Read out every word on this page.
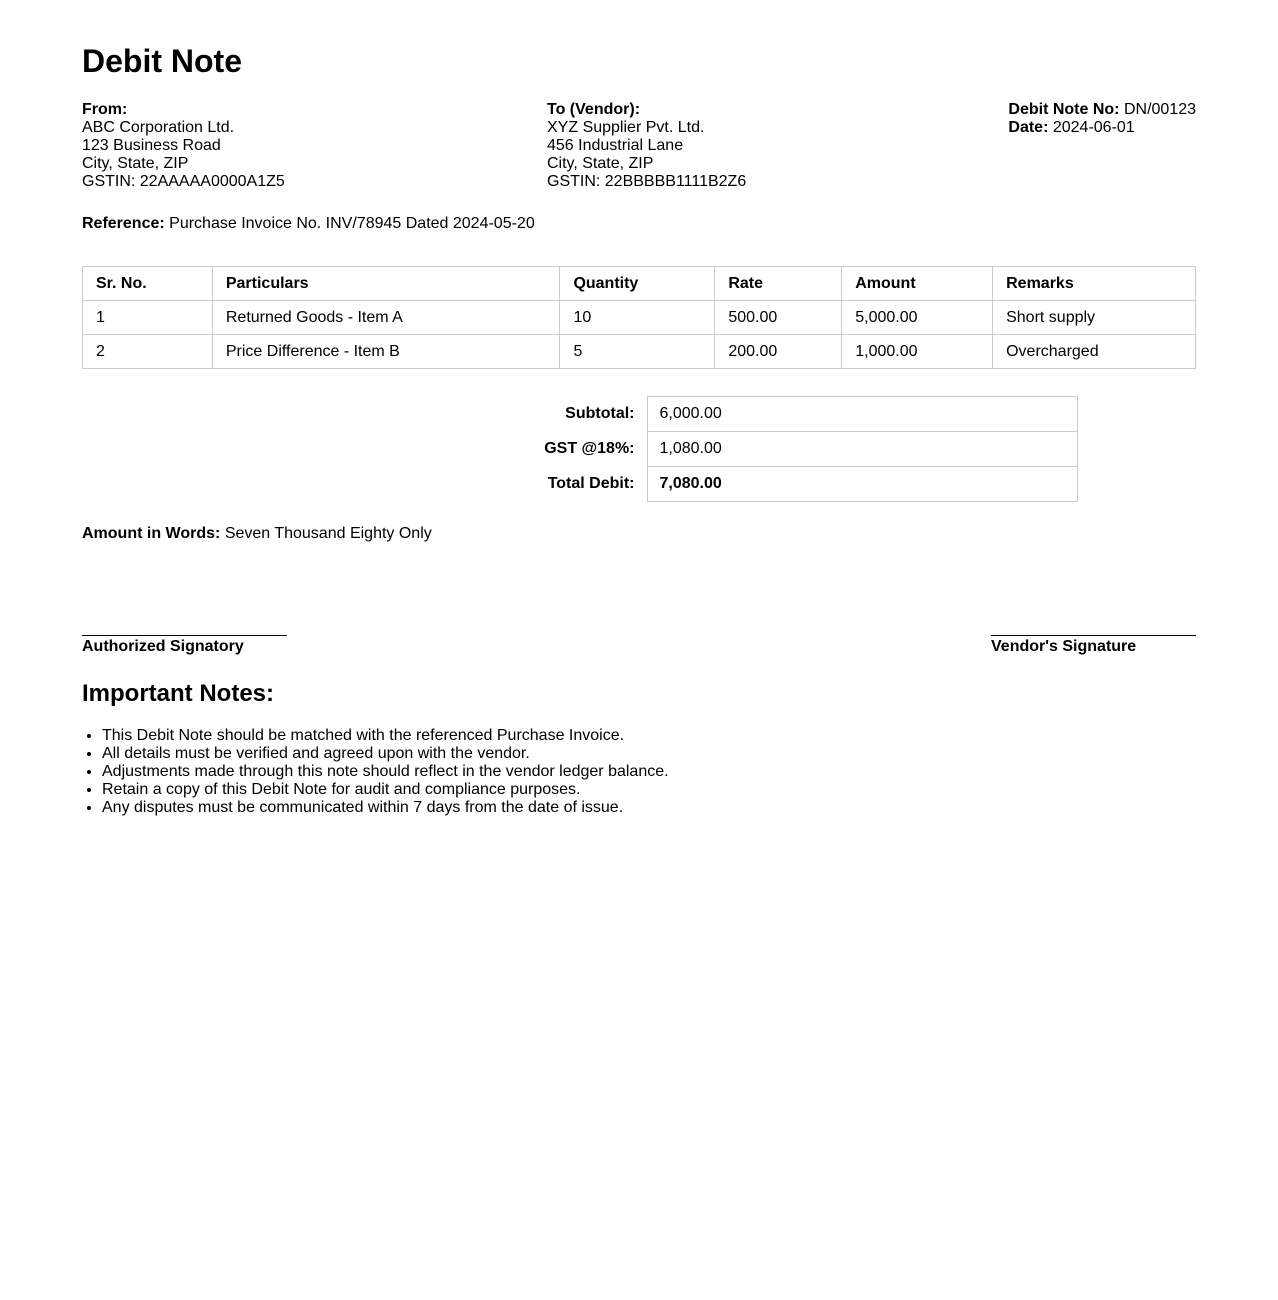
Debit Note
From:
ABC Corporation Ltd.
123 Business Road
City, State, ZIP
GSTIN: 22AAAAA0000A1Z5
To (Vendor):
XYZ Supplier Pvt. Ltd.
456 Industrial Lane
City, State, ZIP
GSTIN: 22BBBBB1111B2Z6
Debit Note No: DN/00123
Date: 2024-06-01
Reference: Purchase Invoice No. INV/78945 Dated 2024-05-20
Sr. No.	Particulars	Quantity	Rate	Amount	Remarks
1	Returned Goods - Item A	10	500.00	5,000.00	Short supply
2	Price Difference - Item B	5	200.00	1,000.00	Overcharged
Subtotal:	6,000.00
GST @18%:	1,080.00
Total Debit:	7,080.00
Amount in Words: Seven Thousand Eighty Only
Authorized Signatory	Vendor's Signature
Important Notes:
• This Debit Note should be matched with the referenced Purchase Invoice.
• All details must be verified and agreed upon with the vendor.
• Adjustments made through this note should reflect in the vendor ledger balance.
• Retain a copy of this Debit Note for audit and compliance purposes.
• Any disputes must be communicated within 7 days from the date of issue.
